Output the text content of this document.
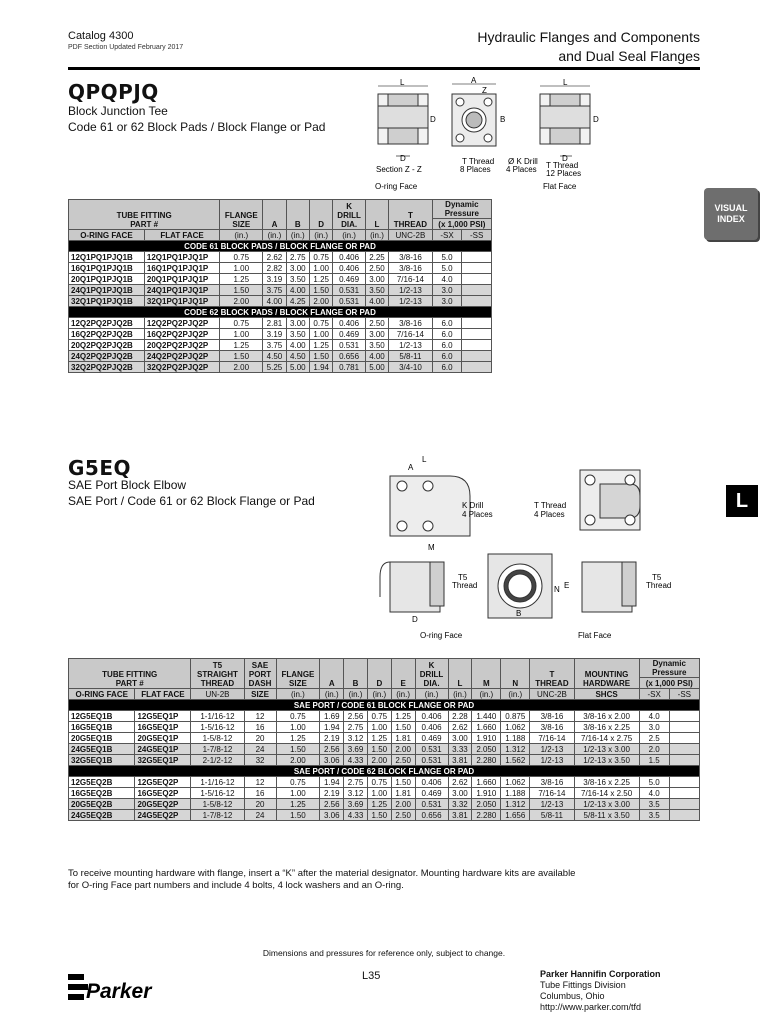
Catalog 4300
PDF Section Updated February 2017
Hydraulic Flanges and Components
and Dual Seal Flanges
VISUAL
INDEX
L
QPQPJQ
Block Junction Tee
Code 61 or 62 Block Pads / Block Flange or Pad
L	A
Z
D	B
D
L
D
D
Section Z - Z
T Thread
8 Places
Ø K Drill
4 Places T Thread
12 Places
O-ring Face	Flat Face
TUBE FITTING
PART #		FLANGE
SIZE	A	B	D	K
DRILL
DIA.	L	T
THREAD	Dynamic
Pressure	
									(x 1,000 PSI)	
O-RING FACE	FLAT FACE	(in.)	(in.)	(in.)	(in.)	(in.)	(in.)	UNC-2B	-SX	-SS
CODE 61 BLOCK PADS / BLOCK FLANGE OR PAD										
12Q1PQ1PJQ1B	12Q1PQ1PJQ1P	0.75	2.62	2.75	0.75	0.406	2.25	3/8-16	5.0	
16Q1PQ1PJQ1B	16Q1PQ1PJQ1P	1.00	2.82	3.00	1.00	0.406	2.50	3/8-16	5.0	
20Q1PQ1PJQ1B	20Q1PQ1PJQ1P	1.25	3.19	3.50	1.25	0.469	3.00	7/16-14	4.0	
24Q1PQ1PJQ1B	24Q1PQ1PJQ1P	1.50	3.75	4.00	1.50	0.531	3.50	1/2-13	3.0	
32Q1PQ1PJQ1B	32Q1PQ1PJQ1P	2.00	4.00	4.25	2.00	0.531	4.00	1/2-13	3.0	
CODE 62 BLOCK PADS / BLOCK FLANGE OR PAD										
12Q2PQ2PJQ2B	12Q2PQ2PJQ2P	0.75	2.81	3.00	0.75	0.406	2.50	3/8-16	6.0	
16Q2PQ2PJQ2B	16Q2PQ2PJQ2P	1.00	3.19	3.50	1.00	0.469	3.00	7/16-14	6.0	
20Q2PQ2PJQ2B	20Q2PQ2PJQ2P	1.25	3.75	4.00	1.25	0.531	3.50	1/2-13	6.0	
24Q2PQ2PJQ2B	24Q2PQ2PJQ2P	1.50	4.50	4.50	1.50	0.656	4.00	5/8-11	6.0	
32Q2PQ2PJQ2B	32Q2PQ2PJQ2P	2.00	5.25	5.00	1.94	0.781	5.00	3/4-10	6.0	
G5EQ
SAE Port Block Elbow
SAE Port / Code 61 or 62 Block Flange or Pad
L
A
M
K Drill
4 Places
T Thread
4 Places
T5
Thread
D
B
N E
T5
Thread
O-ring Face	Flat Face
TUBE FITTING
PART #		T5
STRAIGHT
THREAD	SAE
PORT
DASH	FLANGE
SIZE	A	B	D	E	K
DRILL
DIA.	L	M	N	T
THREAD	MOUNTING
HARDWARE	Dynamic
Pressure	
															(x 1,000 PSI)	
O-RING FACE	FLAT FACE	UN-2B	SIZE	(in.)	(in.)	(in.)	(in.)	(in.)	(in.)	(in.)	(in.)	(in.)	UNC-2B	SHCS	-SX	-SS
SAE PORT / CODE 61 BLOCK FLANGE OR PAD																
12G5EQ1B	12G5EQ1P	1-1/16-12	12	0.75	1.69	2.56	0.75	1.25	0.406	2.28	1.440	0.875	3/8-16	3/8-16 x 2.00	4.0	
16G5EQ1B	16G5EQ1P	1-5/16-12	16	1.00	1.94	2.75	1.00	1.50	0.406	2.62	1.660	1.062	3/8-16	3/8-16 x 2.25	3.0	
20G5EQ1B	20G5EQ1P	1-5/8-12	20	1.25	2.19	3.12	1.25	1.81	0.469	3.00	1.910	1.188	7/16-14	7/16-14 x 2.75	2.5	
24G5EQ1B	24G5EQ1P	1-7/8-12	24	1.50	2.56	3.69	1.50	2.00	0.531	3.33	2.050	1.312	1/2-13	1/2-13 x 3.00	2.0	
32G5EQ1B	32G5EQ1P	2-1/2-12	32	2.00	3.06	4.33	2.00	2.50	0.531	3.81	2.280	1.562	1/2-13	1/2-13 x 3.50	1.5	
SAE PORT / CODE 62 BLOCK FLANGE OR PAD																
12G5EQ2B	12G5EQ2P	1-1/16-12	12	0.75	1.94	2.75	0.75	1.50	0.406	2.62	1.660	1.062	3/8-16	3/8-16 x 2.25	5.0	
16G5EQ2B	16G5EQ2P	1-5/16-12	16	1.00	2.19	3.12	1.00	1.81	0.469	3.00	1.910	1.188	7/16-14	7/16-14 x 2.50	4.0	
20G5EQ2B	20G5EQ2P	1-5/8-12	20	1.25	2.56	3.69	1.25	2.00	0.531	3.32	2.050	1.312	1/2-13	1/2-13 x 3.00	3.5	
24G5EQ2B	24G5EQ2P	1-7/8-12	24	1.50	3.06	4.33	1.50	2.50	0.656	3.81	2.280	1.656	5/8-11	5/8-11 x 3.50	3.5	
To receive mounting hardware with flange, insert a “K” after the material designator. Mounting hardware kits are available for O-ring Face part numbers and include 4 bolts, 4 lock washers and an O-ring.
Dimensions and pressures for reference only, subject to change.
L35	Parker Hannifin Corporation
Tube Fittings Division
Columbus, Ohio
http://www.parker.com/tfd
Parker
